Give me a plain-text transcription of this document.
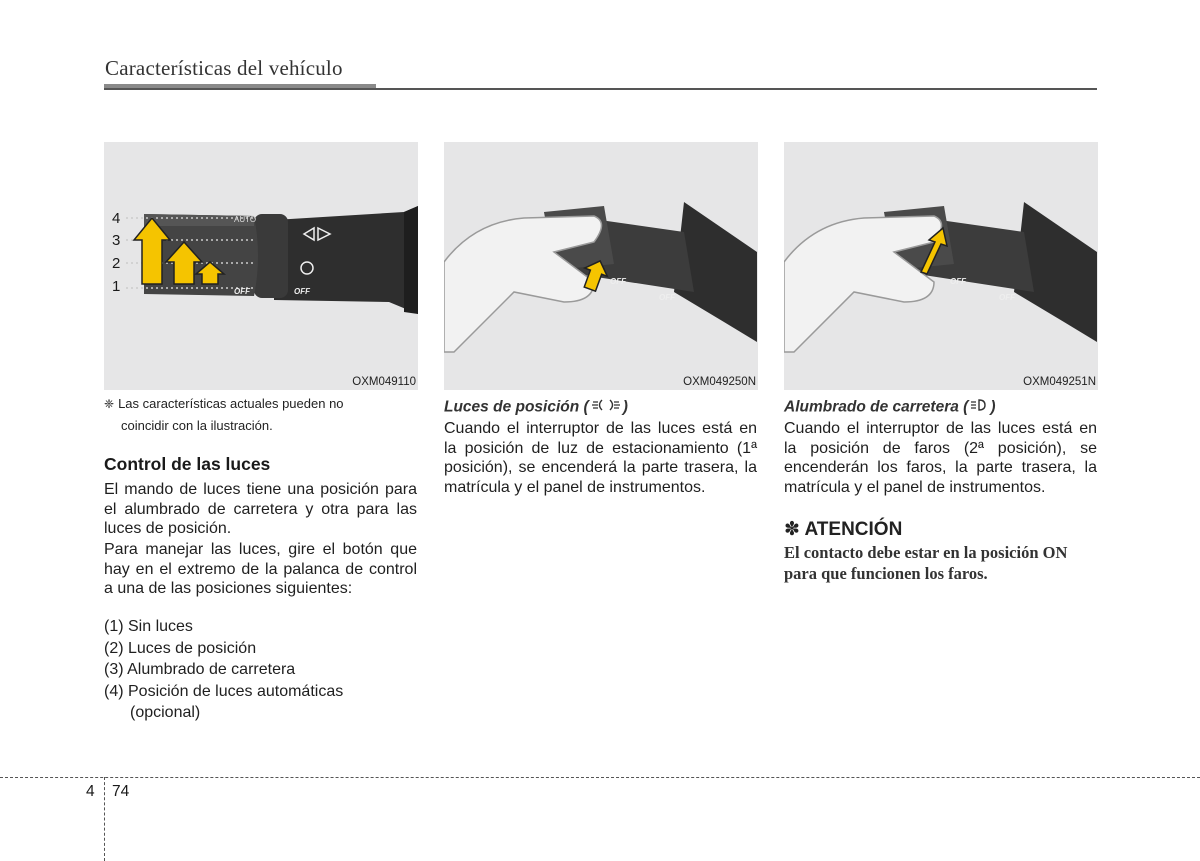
Características del vehículo
AUTO
OFF	OFF
4
3
2
1
OXM049110
OFF
OFF
OXM049250N
OFF
OFF
OXM049251N
❈ Las características actuales pueden no
coincidir con la ilustración.
Control de las luces
El mando de luces tiene una posición para el alumbrado de carretera y otra para las luces de posición.
Para manejar las luces, gire el botón que hay en el extremo de la palanca de control a una de las posiciones siguientes:
(1) Sin luces
(2) Luces de posición
(3) Alumbrado de carretera
(4) Posición de luces automáticas (opcional)
Luces de posición ( )
Cuando el interruptor de las luces está en la posición de luz de estacionamiento (1ª posición), se encenderá la parte trasera, la matrícula y el panel de instrumentos.
Alumbrado de carretera ( )
Cuando el interruptor de las luces está en la posición de faros (2ª posición), se encenderán los faros, la parte trasera, la matrícula y el panel de instrumentos.
✽ ATENCIÓN
El contacto debe estar en la posición ON para que funcionen los faros.
4 74
